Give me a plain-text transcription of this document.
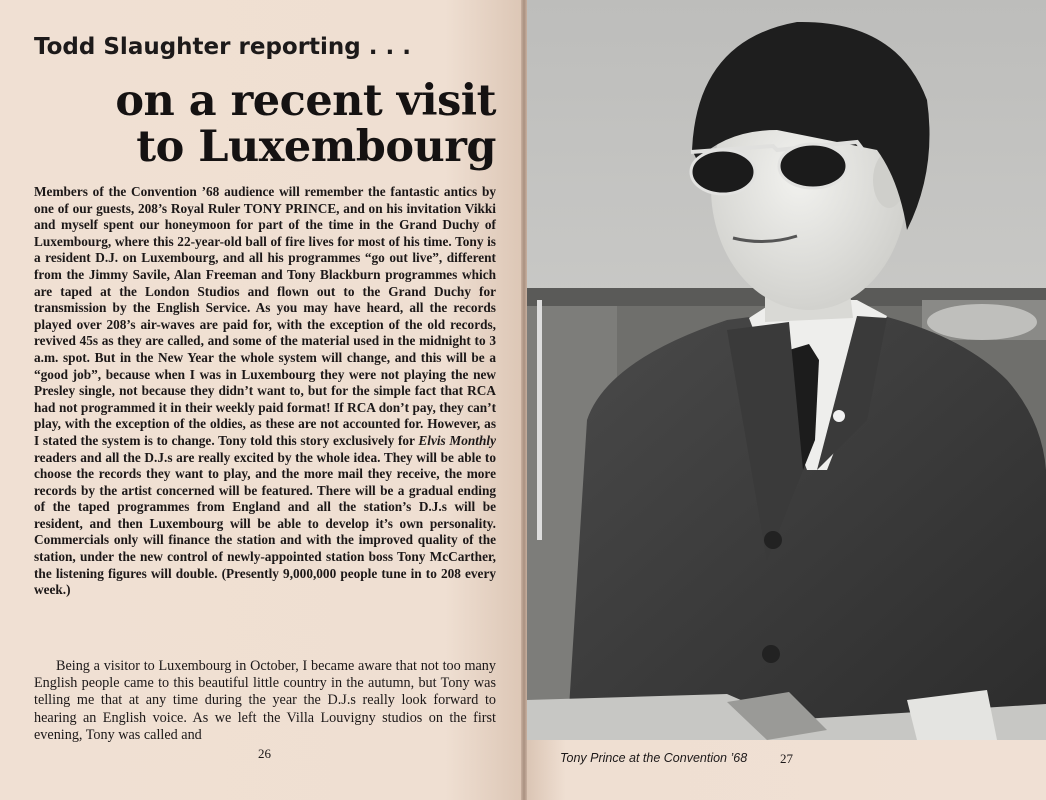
Todd Slaughter reporting . . .
on a recent visit
to Luxembourg
Members of the Convention ’68 audience will remember the fantastic antics by one of our guests, 208’s Royal Ruler TONY PRINCE, and on his invitation Vikki and myself spent our honeymoon for part of the time in the Grand Duchy of Luxembourg, where this 22-year-old ball of fire lives for most of his time. Tony is a resident D.J. on Luxembourg, and all his programmes “go out live”, different from the Jimmy Savile, Alan Freeman and Tony Blackburn programmes which are taped at the London Studios and flown out to the Grand Duchy for transmission by the English Service. As you may have heard, all the records played over 208’s air-waves are paid for, with the exception of the old records, revived 45s as they are called, and some of the material used in the midnight to 3 a.m. spot. But in the New Year the whole system will change, and this will be a “good job”, because when I was in Luxembourg they were not playing the new Presley single, not because they didn’t want to, but for the simple fact that RCA had not programmed it in their weekly paid format! If RCA don’t pay, they can’t play, with the exception of the oldies, as these are not accounted for. However, as I stated the system is to change. Tony told this story exclusively for Elvis Monthly readers and all the D.J.s are really excited by the whole idea. They will be able to choose the records they want to play, and the more mail they receive, the more records by the artist concerned will be featured. There will be a gradual ending of the taped programmes from England and all the station’s D.J.s will be resident, and then Luxembourg will be able to develop it’s own personality. Commercials only will finance the station and with the improved quality of the station, under the new control of newly-appointed station boss Tony McCarther, the listening figures will double. (Presently 9,000,000 people tune in to 208 every week.)
Being a visitor to Luxembourg in October, I became aware that not too many English people came to this beautiful little country in the autumn, but Tony was telling me that at any time during the year the D.J.s really look forward to hearing an English voice. As we left the Villa Louvigny studios on the first evening, Tony was called and
26	Tony Prince at the Convention ’68	27
